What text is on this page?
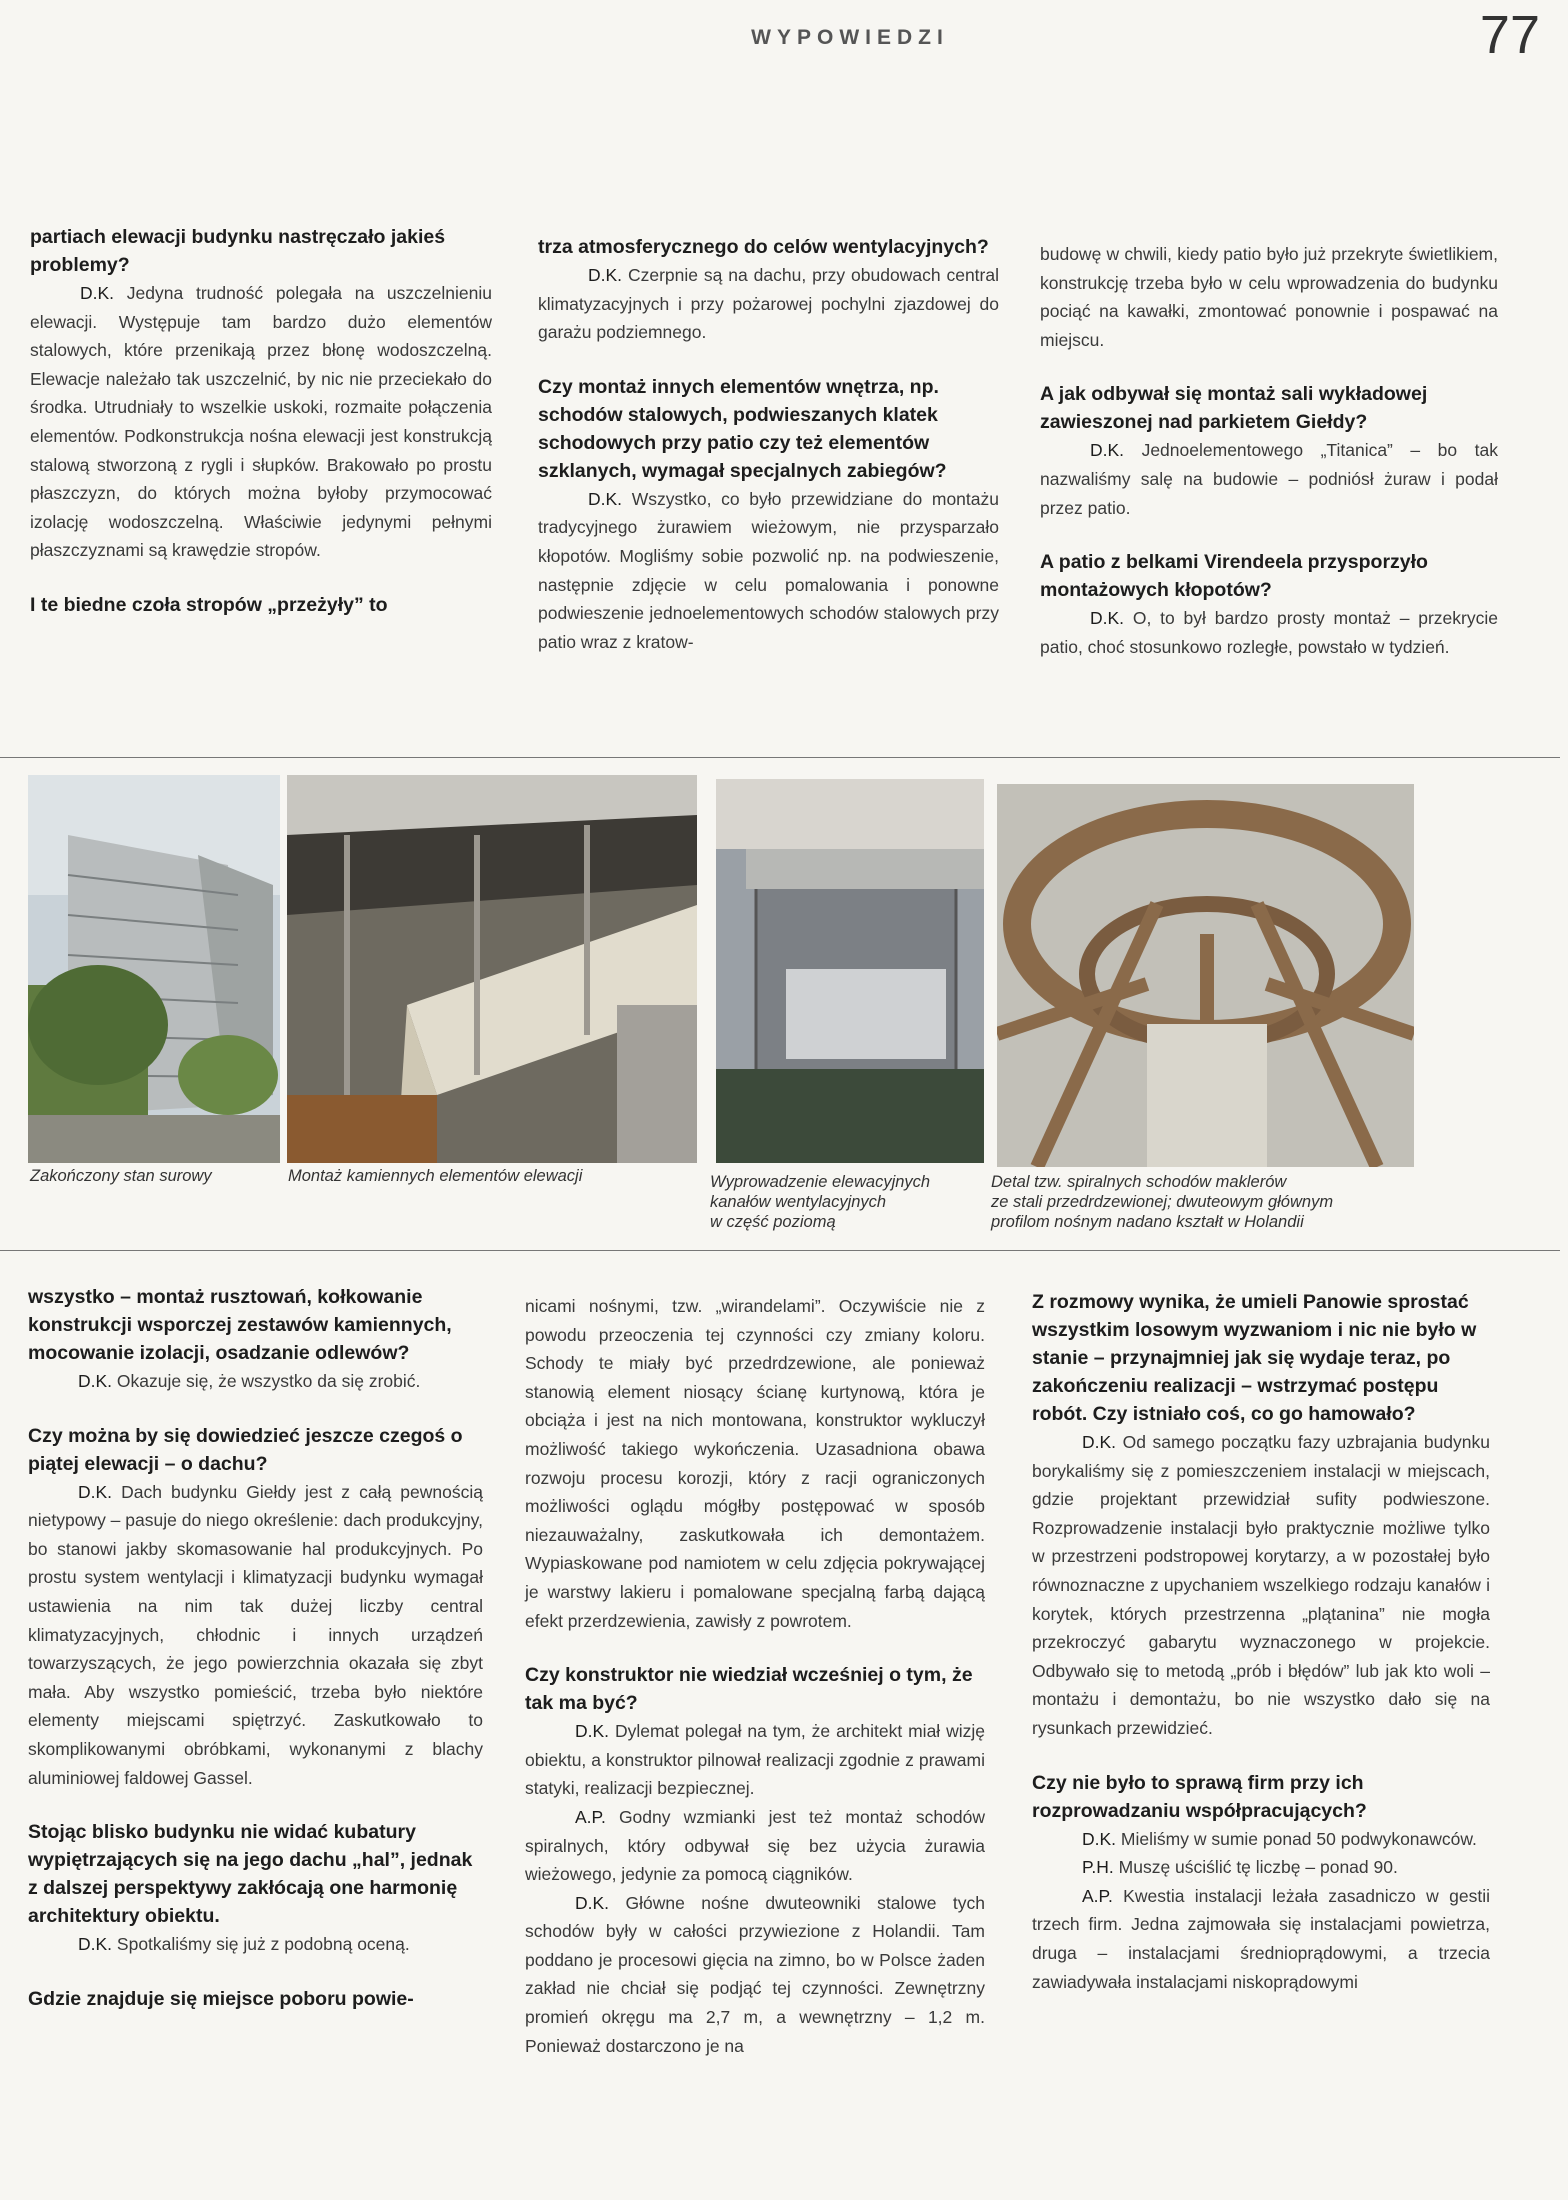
WYPOWIEDZI	77

partiach elewacji budynku nastręczało jakieś problemy?

D.K. Jedyna trudność polegała na uszczelnieniu elewacji. Występuje tam bardzo dużo elementów stalowych, które przenikają przez błonę wodoszczelną. Elewacje należało tak uszczelnić, by nic nie przeciekało do środka. Utrudniały to wszelkie uskoki, rozmaite połączenia elementów. Podkonstrukcja nośna elewacji jest konstrukcją stalową stworzoną z rygli i słupków. Brakowało po prostu płaszczyzn, do których można byłoby przymocować izolację wodoszczelną. Właściwie jedynymi pełnymi płaszczyznami są krawędzie stropów.

I te biedne czoła stropów „przeżyły” to

trza atmosferycznego do celów wentylacyjnych?

D.K. Czerpnie są na dachu, przy obudowach central klimatyzacyjnych i przy pożarowej pochylni zjazdowej do garażu podziemnego.

Czy montaż innych elementów wnętrza, np. schodów stalowych, podwieszanych klatek schodowych przy patio czy też elementów szklanych, wymagał specjalnych zabiegów?

D.K. Wszystko, co było przewidziane do montażu tradycyjnego żurawiem wieżowym, nie przysparzało kłopotów. Mogliśmy sobie pozwolić np. na podwieszenie, następnie zdjęcie w celu pomalowania i ponowne podwieszenie jednoelementowych schodów stalowych przy patio wraz z kratow-

budowę w chwili, kiedy patio było już przekryte świetlikiem, konstrukcję trzeba było w celu wprowadzenia do budynku pociąć na kawałki, zmontować ponownie i pospawać na miejscu.

A jak odbywał się montaż sali wykładowej zawieszonej nad parkietem Giełdy?

D.K. Jednoelementowego „Titanica” – bo tak nazwaliśmy salę na budowie – podniósł żuraw i podał przez patio.

A patio z belkami Virendeela przysporzyło montażowych kłopotów?

D.K. O, to był bardzo prosty montaż – przekrycie patio, choć stosunkowo rozległe, powstało w tydzień.

Zakończony stan surowy	Montaż kamiennych elementów elewacji	Wyprowadzenie elewacyjnych
kanałów wentylacyjnych
w część poziomą
Detal tzw. spiralnych schodów maklerów
ze stali przedrdzewionej; dwuteowym głównym
profilom nośnym nadano kształt w Holandii

wszystko – montaż rusztowań, kołkowanie konstrukcji wsporczej zestawów kamiennych, mocowanie izolacji, osadzanie odlewów?

D.K. Okazuje się, że wszystko da się zrobić.

Czy można by się dowiedzieć jeszcze czegoś o piątej elewacji – o dachu?

D.K. Dach budynku Giełdy jest z całą pewnością nietypowy – pasuje do niego określenie: dach produkcyjny, bo stanowi jakby skomasowanie hal produkcyjnych. Po prostu system wentylacji i klimatyzacji budynku wymagał ustawienia na nim tak dużej liczby central klimatyzacyjnych, chłodnic i innych urządzeń towarzyszących, że jego powierzchnia okazała się zbyt mała. Aby wszystko pomieścić, trzeba było niektóre elementy miejscami spiętrzyć. Zaskutkowało to skomplikowanymi obróbkami, wykonanymi z blachy aluminiowej faldowej Gassel.

Stojąc blisko budynku nie widać kubatury wypiętrzających się na jego dachu „hal”, jednak z dalszej perspektywy zakłócają one harmonię architektury obiektu.

D.K. Spotkaliśmy się już z podobną oceną.

Gdzie znajduje się miejsce poboru powie-

nicami nośnymi, tzw. „wirandelami”. Oczywiście nie z powodu przeoczenia tej czynności czy zmiany koloru. Schody te miały być przedrdzewione, ale ponieważ stanowią element niosący ścianę kurtynową, która je obciąża i jest na nich montowana, konstruktor wykluczył możliwość takiego wykończenia. Uzasadniona obawa rozwoju procesu korozji, który z racji ograniczonych możliwości oglądu mógłby postępować w sposób niezauważalny, zaskutkowała ich demontażem. Wypiaskowane pod namiotem w celu zdjęcia pokrywającej je warstwy lakieru i pomalowane specjalną farbą dającą efekt przerdzewienia, zawisły z powrotem.

Czy konstruktor nie wiedział wcześniej o tym, że tak ma być?

D.K. Dylemat polegał na tym, że architekt miał wizję obiektu, a konstruktor pilnował realizacji zgodnie z prawami statyki, realizacji bezpiecznej.

A.P. Godny wzmianki jest też montaż schodów spiralnych, który odbywał się bez użycia żurawia wieżowego, jedynie za pomocą ciągników.

D.K. Główne nośne dwuteowniki stalowe tych schodów były w całości przywiezione z Holandii. Tam poddano je procesowi gięcia na zimno, bo w Polsce żaden zakład nie chciał się podjąć tej czynności. Zewnętrzny promień okręgu ma 2,7 m, a wewnętrzny – 1,2 m. Ponieważ dostarczono je na

Z rozmowy wynika, że umieli Panowie sprostać wszystkim losowym wyzwaniom i nic nie było w stanie – przynajmniej jak się wydaje teraz, po zakończeniu realizacji – wstrzymać postępu robót. Czy istniało coś, co go hamowało?

D.K. Od samego początku fazy uzbrajania budynku borykaliśmy się z pomieszczeniem instalacji w miejscach, gdzie projektant przewidział sufity podwieszone. Rozprowadzenie instalacji było praktycznie możliwe tylko w przestrzeni podstropowej korytarzy, a w pozostałej było równoznaczne z upychaniem wszelkiego rodzaju kanałów i korytek, których przestrzenna „plątanina” nie mogła przekroczyć gabarytu wyznaczonego w projekcie. Odbywało się to metodą „prób i błędów” lub jak kto woli – montażu i demontażu, bo nie wszystko dało się na rysunkach przewidzieć.

Czy nie było to sprawą firm przy ich rozprowadzaniu współpracujących?

D.K. Mieliśmy w sumie ponad 50 podwykonawców.

P.H. Muszę uściślić tę liczbę – ponad 90.

A.P. Kwestia instalacji leżała zasadniczo w gestii trzech firm. Jedna zajmowała się instalacjami powietrza, druga – instalacjami średnioprądowymi, a trzecia zawiadywała instalacjami niskoprądowymi
